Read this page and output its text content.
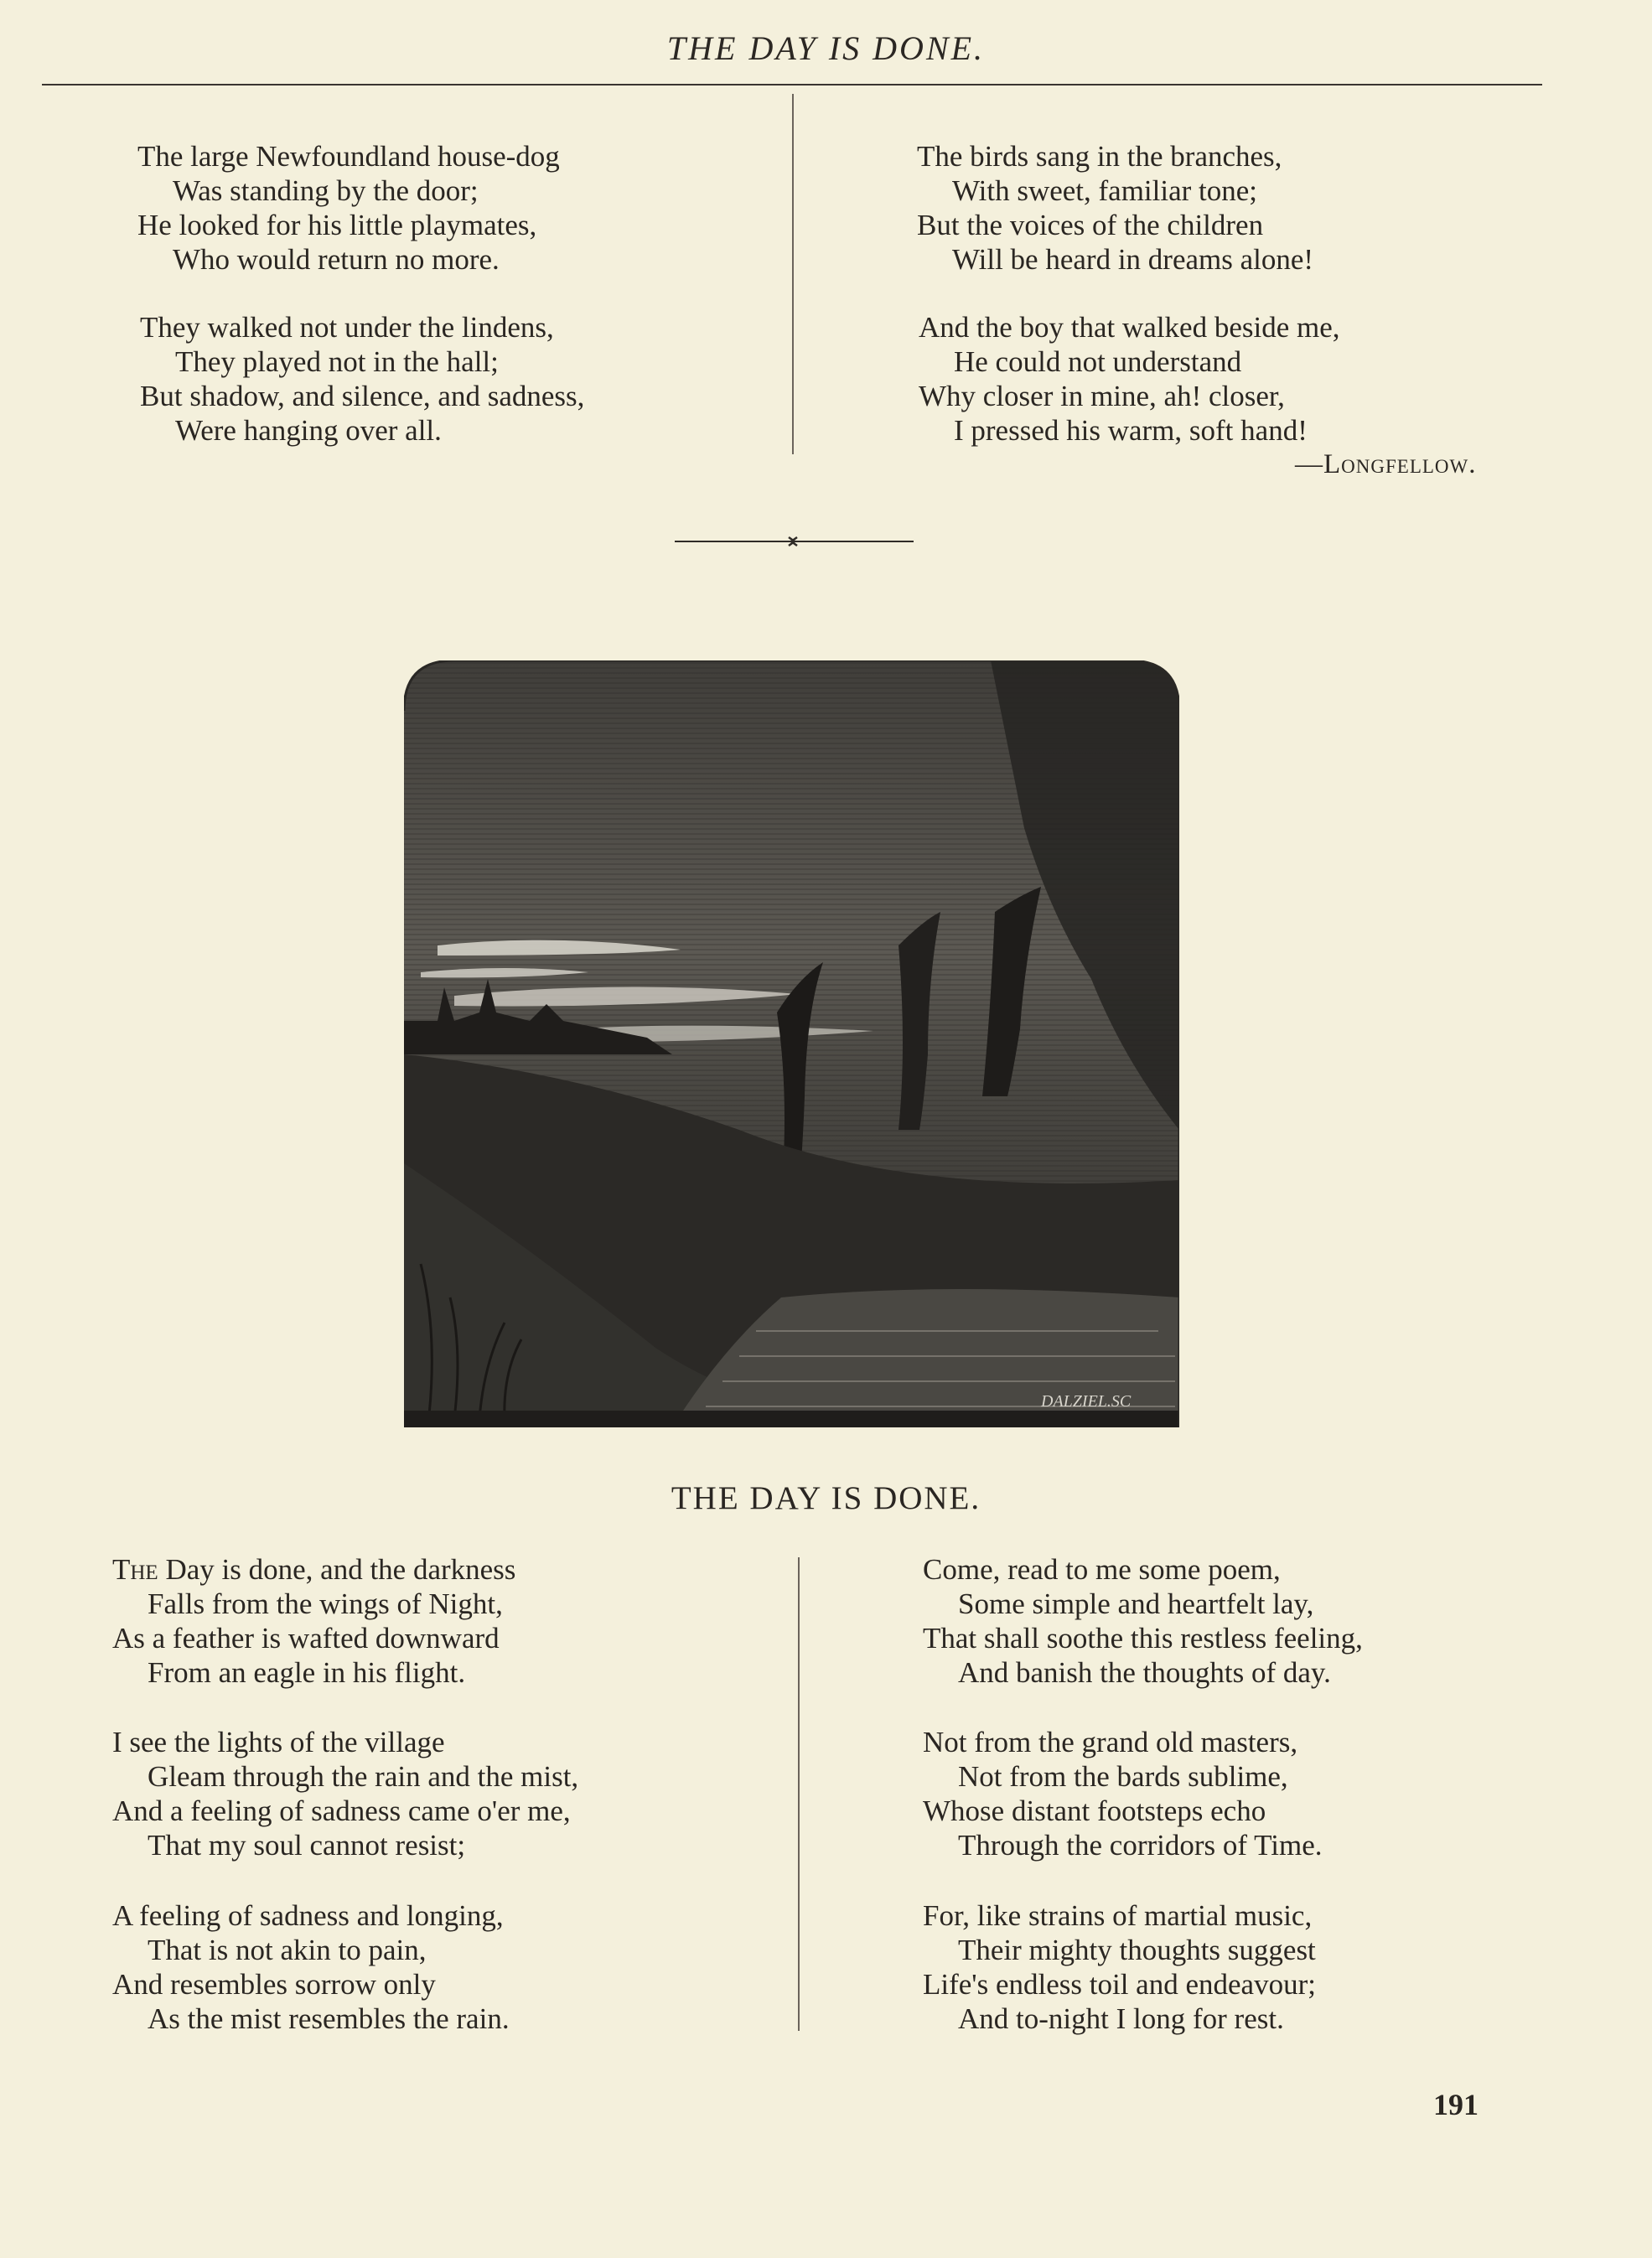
THE DAY IS DONE.
The large Newfoundland house-dog
Was standing by the door;
He looked for his little playmates,
Who would return no more.
They walked not under the lindens,
They played not in the hall;
But shadow, and silence, and sadness,
Were hanging over all.
The birds sang in the branches,
With sweet, familiar tone;
But the voices of the children
Will be heard in dreams alone!
And the boy that walked beside me,
He could not understand
Why closer in mine, ah! closer,
I pressed his warm, soft hand!
—Longfellow.
DALZIEL.SC
THE DAY IS DONE.
The Day is done, and the darkness
Falls from the wings of Night,
As a feather is wafted downward
From an eagle in his flight.
I see the lights of the village
Gleam through the rain and the mist,
And a feeling of sadness came o'er me,
That my soul cannot resist;
A feeling of sadness and longing,
That is not akin to pain,
And resembles sorrow only
As the mist resembles the rain.
Come, read to me some poem,
Some simple and heartfelt lay,
That shall soothe this restless feeling,
And banish the thoughts of day.
Not from the grand old masters,
Not from the bards sublime,
Whose distant footsteps echo
Through the corridors of Time.
For, like strains of martial music,
Their mighty thoughts suggest
Life's endless toil and endeavour;
And to-night I long for rest.
191
